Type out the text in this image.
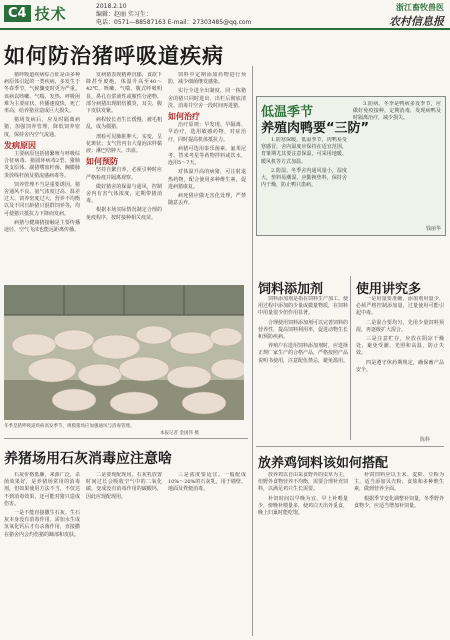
C4 技术	2018.2.10
编辑：赵丽 实习生：
电话：0571—88587163 E-mail：27303485@qq.com
浙江畜牧兽医
农村信息报
如何防治猪呼吸道疾病

猪呼吸道疾病综合征是由多种病原体引起的一类疾病，多发生于冬春季节，气候骤变时更为严重。该病以咳嗽、气喘、发热、呼吸困难为主要症状，传播速度快，死亡率高，给养猪业造成巨大损失。

猪场发病后，应及时隔离病猪，加强饲养管理，降低饲养密度，保持舍内空气流通。

发病原因

主要病原包括猪繁殖与呼吸综合征病毒、猪圆环病毒2型、猪肺炎支原体、副猪嗜血杆菌、胸膜肺炎放线杆菌及猪流感病毒等。

饲养管理不当是重要诱因。猪舍通风不良、氨气浓度过高、温差过大、饲养密度过大、营养不均衡以及不同日龄猪只混群饲养等，均可使猪只抵抗力下降而发病。

病猪与健康猪接触是主要传播途径，空气飞沫也能远距离传播。

发病猪表现精神沉郁，食欲下降甚至废绝，体温升高至40～42℃。咳嗽、气喘、腹式呼吸明显，鼻孔有浆液性或脓性分泌物。部分病猪出现眼结膜炎，耳尖、腹下皮肤发紫。

病程较长者生长缓慢，被毛粗乱，成为僵猪。

剖检可见肺脏肿大、实变，呈花斑状；支气管内有大量泡沫样黏液；淋巴结肿大、出血。

如何预防

坚持自繁自养，必须引种时应严格检疫并隔离观察。

做好猪舍的保温与通风，控制舍内有害气体浓度，定期带猪消毒。

根据本场实际情况制定合理的免疫程序，按时接种相关疫苗。

饲料中定期添加药物进行预防，减少细菌继发感染。

实行全进全出制度，同一栋猪舍的猪只同时进出，出栏后彻底清洗、消毒并空舍一段时间再进猪。

如何治疗

治疗原则：早发现、早隔离、早治疗，选用敏感药物，对症治疗，同时提高机体抵抗力。

病猪可选用泰乐菌素、氟苯尼考、替米考星等药物拌料或饮水，连用5～7天。

对体温升高的病猪，可注射退热药物，配合使用多种维生素，促进病猪康复。

病死猪应做无害化处理，严禁随意丢弃。

冬季是猪呼吸道疾病高发季节，规模猪场应加强通风与消毒管理。
本报记者 金国伟 摄
养猪场用石灰消毒应注意啥

石灰价格低廉，来源广泛，杀菌效果好，是养猪场常用的消毒剂，但如果使用方法不当，不仅达不到消毒效果，还可能对猪只造成伤害。

一是不能直接撒生石灰。生石灰本身没有消毒作用，需加水生成氢氧化钙后才有杀菌作用，直接撒在猪舍内会灼伤猪的蹄部和皮肤。

二是要现配现用。石灰乳放置时间过长会吸收空气中的二氧化碳，变成没有消毒作用的碳酸钙，因此应现配现用。

三是浓度要适宜。一般配成10%～20%的石灰乳，用于墙壁、地面及粪便消毒。

低温季节
养殖肉鸭要“三防”

1.防寒保暖。低温季节，肉鸭易受寒感冒，舍内温度应保持在适宜范围，育雏期尤其要注意保温，可采用地暖、暖风机等方式加温。

2.防湿。冬季舍内通风量小，湿度大，垫料易潮湿，应勤换垫料，保持舍内干燥，防止鸭只患病。

3.防病。冬季是鸭病多发季节，应做好免疫接种，定期消毒，发现病鸭及时隔离治疗，减少损失。

钱丽华
饲料添加剂

饲料添加剂是指在饲料生产加工、使用过程中添加的少量或微量物质，在饲料中用量很少但作用显著。

合理使用饲料添加剂可以完善饲料的营养性，提高饲料利用率，促进动物生长和预防疾病。

养殖户在选用饲料添加剂时，应选择正规厂家生产的合格产品，严格按照产品说明书使用，注意配伍禁忌，避免滥用。

使用讲究多

一是用量要准确，添加剂用量少，必须严格控制添加量，过量使用可能引起中毒。

二是混合要均匀，先用少量饲料预混，再逐级扩大混合。

三是注意贮存，应放在阴凉干燥处，避免受潮、光照和高温，防止失效。

四是遵守休药期规定，确保畜产品安全。

陈科
放养鸡饲料该如何搭配

放养鸡以自由采食野外的虫草为主，但野外食物营养不均衡，需要合理补充饲料，以满足鸡只生长需要。

补饲时间以早晚为宜，早上补喂量少，傍晚补喂量多，使鸡白天出外觅食，晚上归巢时能吃饱。

补饲饲料应以玉米、麦麸、豆粕为主，适当添加贝壳粉、食盐和多种维生素，做到营养全面。

根据季节变化调整补饲量，冬季野外食物少，应适当增加补饲量。
